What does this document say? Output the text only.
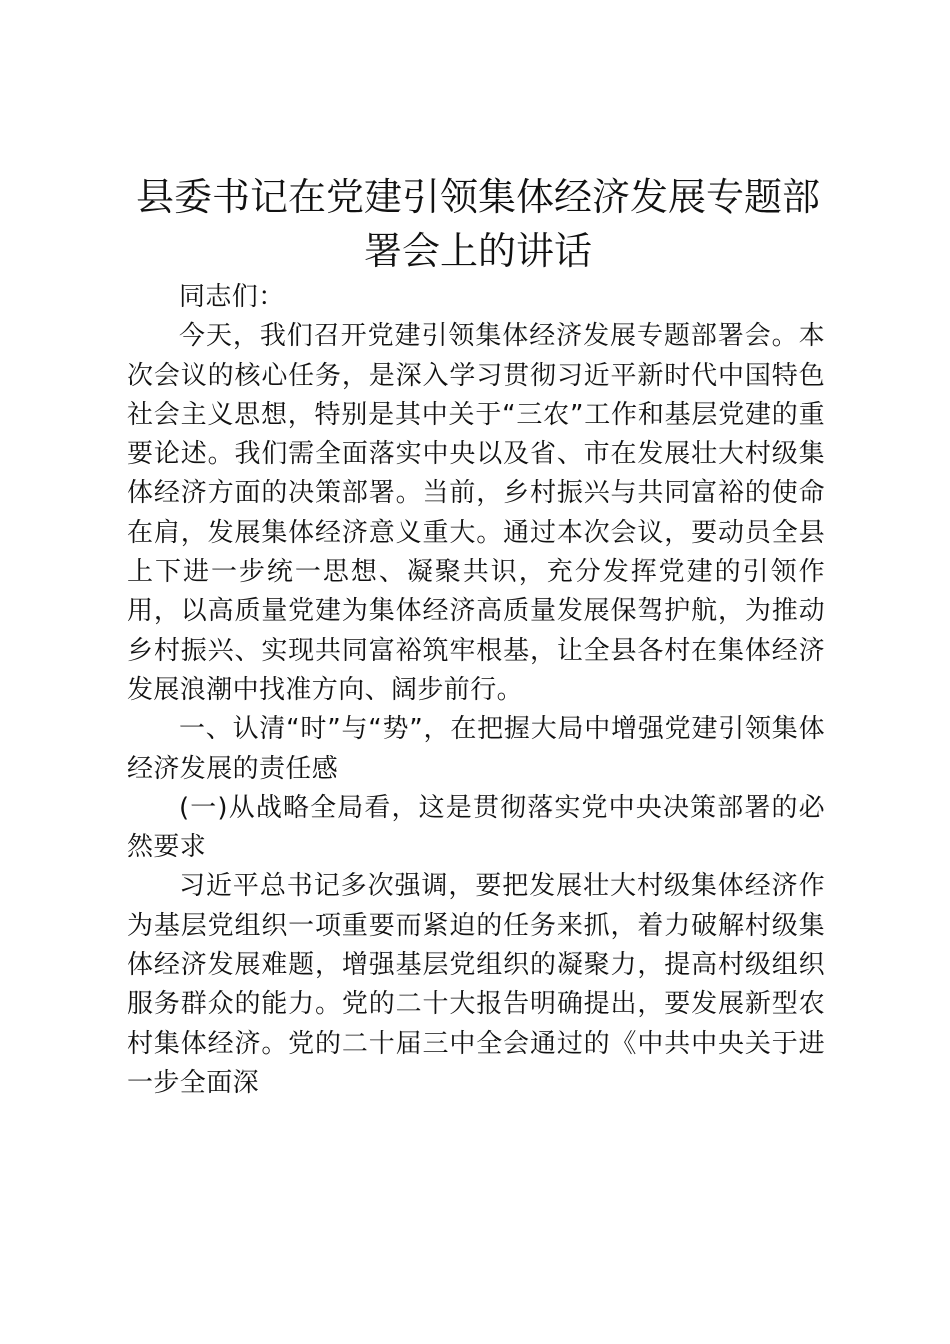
县委书记在党建引领集体经济发展专题部署会上的讲话

同志们：

今天，我们召开党建引领集体经济发展专题部署会。本次会议的核心任务，是深入学习贯彻习近平新时代中国特色社会主义思想，特别是其中关于“三农”工作和基层党建的重要论述。我们需全面落实中央以及省、市在发展壮大村级集体经济方面的决策部署。当前，乡村振兴与共同富裕的使命在肩，发展集体经济意义重大。通过本次会议，要动员全县上下进一步统一思想、凝聚共识，充分发挥党建的引领作用，以高质量党建为集体经济高质量发展保驾护航，为推动乡村振兴、实现共同富裕筑牢根基，让全县各村在集体经济发展浪潮中找准方向、阔步前行。

一、认清“时”与“势”，在把握大局中增强党建引领集体经济发展的责任感

(一)从战略全局看，这是贯彻落实党中央决策部署的必然要求

习近平总书记多次强调，要把发展壮大村级集体经济作为基层党组织一项重要而紧迫的任务来抓，着力破解村级集体经济发展难题，增强基层党组织的凝聚力，提高村级组织服务群众的能力。党的二十大报告明确提出，要发展新型农村集体经济。党的二十届三中全会通过的《中共中央关于进一步全面深
